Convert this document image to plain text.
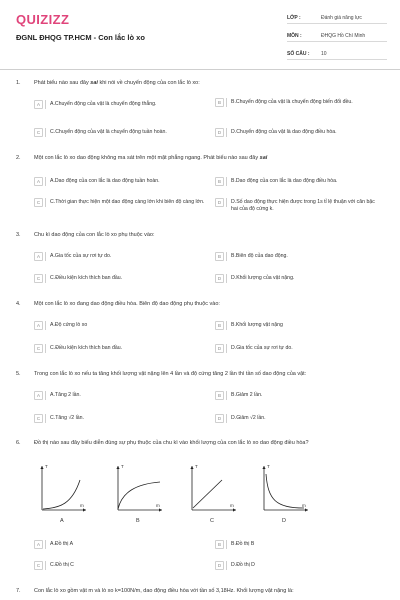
QUIZIZZ
ĐGNL ĐHQG TP.HCM - Con lắc lò xo
LỚP :	Đánh giá năng lực
MÔN :	ĐHQG Hồ Chí Minh
SỐ CÂU :	10
1. Phát biểu nào sau đây sai khi nói về chuyển động của con lắc lò xo:
A	A.Chuyển động của vật là chuyển động thẳng.	B	B.Chuyển động của vật là chuyển động biến đổi đều.
C	C.Chuyển động của vật là chuyển động tuần hoàn.	D	D.Chuyển động của vật là dao động điều hòa.
2. Một con lắc lò xo dao động không ma sát trên một mặt phẳng ngang. Phát biểu nào sau đây sai
A	A.Dao động của con lắc là dao động tuần hoàn.	B	B.Dao động của con lắc là dao động điều hòa.
C	C.Thời gian thực hiện một dao động càng lớn khi biên độ càng lớn.	D	D.Số dao động thực hiện được trong 1s tỉ lệ thuận với căn bậc hai của độ cứng k.
3. Chu kì dao động của con lắc lò xo phụ thuộc vào:
A	A.Gia tốc của sự rơi tự do.	B	B.Biên độ của dao động.
C	C.Điều kiện kích thích ban đầu.	D	D.Khối lượng của vật nặng.
4. Một con lắc lò xo đang dao động điều hòa. Biên độ dao động phụ thuộc vào:
A	A.Độ cứng lò xo	B	B.Khối lượng vật nặng
C	C.Điều kiện kích thích ban đầu.	D	D.Gia tốc của sự rơi tự do.
5. Trong con lắc lò xo nếu ta tăng khối lượng vật nặng lên 4 lần và độ cứng tăng 2 lần thì tần số dao động của vật:
A	A.Tăng 2 lần.	B	B.Giảm 2 lần.
C	C.Tăng √2 lần.	D	D.Giảm √2 lần.
6. Đồ thị nào sau đây biểu diễn đúng sự phụ thuộc của chu kì vào khối lượng của con lắc lò xo dao động điều hòa?
T
m
A
T
m
B
T
m
C
T
m
D
A	A.Đồ thị A	B	B.Đồ thị B
C	C.Đồ thị C	D	D.Đồ thị D
7. Con lắc lò xo gồm vật m và lò xo k=100N/m, dao động điều hòa với tần số 3,18Hz. Khối lượng vật nặng là:
